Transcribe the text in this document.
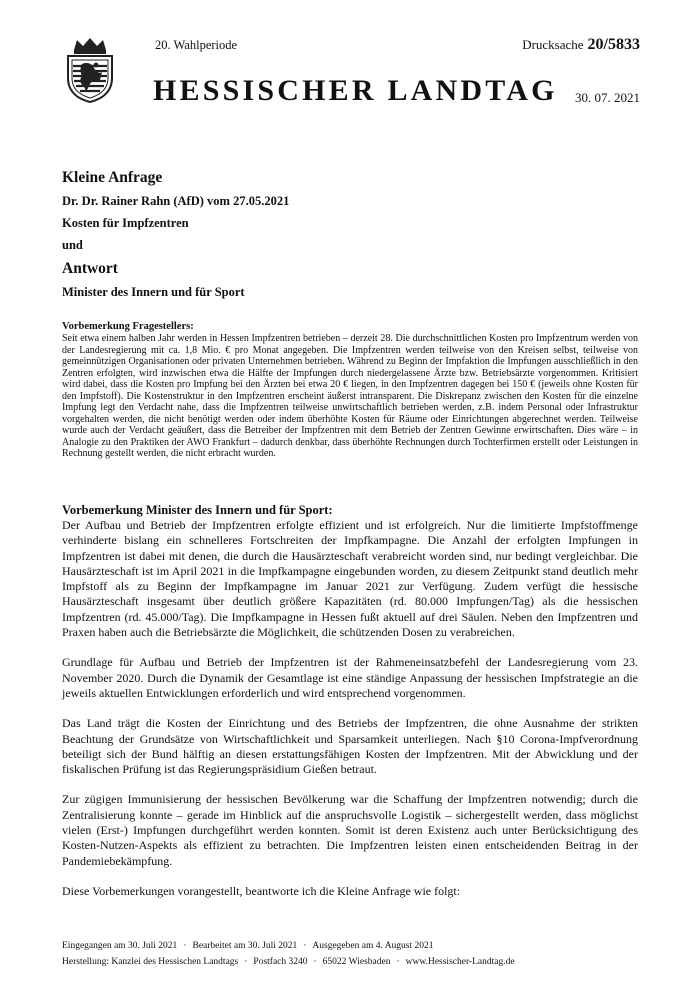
20. Wahlperiode	Drucksache 20/5833
HESSISCHER LANDTAG 30. 07. 2021
Kleine Anfrage
Dr. Dr. Rainer Rahn (AfD) vom 27.05.2021
Kosten für Impfzentren
und
Antwort
Minister des Innern und für Sport
Vorbemerkung Fragestellers:
Seit etwa einem halben Jahr werden in Hessen Impfzentren betrieben – derzeit 28. Die durchschnittlichen Kosten pro Impfzentrum werden von der Landesregierung mit ca. 1,8 Mio. € pro Monat angegeben. Die Impfzentren werden teilweise von den Kreisen selbst, teilweise von gemeinnützigen Organisationen oder privaten Unternehmen betrieben. Während zu Beginn der Impfaktion die Impfungen ausschließlich in den Zentren erfolgten, wird inzwischen etwa die Hälfte der Impfungen durch niedergelassene Ärzte bzw. Betriebsärzte vorgenommen. Kritisiert wird dabei, dass die Kosten pro Impfung bei den Ärzten bei etwa 20 € liegen, in den Impfzentren dagegen bei 150 € (jeweils ohne Kosten für den Impfstoff). Die Kostenstruktur in den Impfzentren erscheint äußerst intransparent. Die Diskrepanz zwischen den Kosten für die einzelne Impfung legt den Verdacht nahe, dass die Impfzentren teilweise unwirtschaftlich betrieben werden, z.B. indem Personal oder Infrastruktur vorgehalten werden, die nicht benötigt werden oder indem überhöhte Kosten für Räume oder Einrichtungen abgerechnet werden. Teilweise wurde auch der Verdacht geäußert, dass die Betreiber der Impfzentren mit dem Betrieb der Zentren Gewinne erwirtschaften. Dies wäre – in Analogie zu den Praktiken der AWO Frankfurt – dadurch denkbar, dass überhöhte Rechnungen durch Tochterfirmen erstellt oder Leistungen in Rechnung gestellt werden, die nicht erbracht wurden.
Vorbemerkung Minister des Innern und für Sport:

Der Aufbau und Betrieb der Impfzentren erfolgte effizient und ist erfolgreich. Nur die limitierte Impfstoffmenge verhinderte bislang ein schnelleres Fortschreiten der Impfkampagne. Die Anzahl der erfolgten Impfungen in Impfzentren ist dabei mit denen, die durch die Hausärzteschaft verabreicht worden sind, nur bedingt vergleichbar. Die Hausärzteschaft ist im April 2021 in die Impfkampagne eingebunden worden, zu diesem Zeitpunkt stand deutlich mehr Impfstoff als zu Beginn der Impfkampagne im Januar 2021 zur Verfügung. Zudem verfügt die hessische Hausärzteschaft insgesamt über deutlich größere Kapazitäten (rd. 80.000 Impfungen/Tag) als die hessischen Impfzentren (rd. 45.000/Tag). Die Impfkampagne in Hessen fußt aktuell auf drei Säulen. Neben den Impfzentren und Praxen haben auch die Betriebsärzte die Möglichkeit, die schützenden Dosen zu verabreichen.

Grundlage für Aufbau und Betrieb der Impfzentren ist der Rahmeneinsatzbefehl der Landesregierung vom 23. November 2020. Durch die Dynamik der Gesamtlage ist eine ständige Anpassung der hessischen Impfstrategie an die jeweils aktuellen Entwicklungen erforderlich und wird entsprechend vorgenommen.

Das Land trägt die Kosten der Einrichtung und des Betriebs der Impfzentren, die ohne Ausnahme der strikten Beachtung der Grundsätze von Wirtschaftlichkeit und Sparsamkeit unterliegen. Nach §10 Corona-Impfverordnung beteiligt sich der Bund hälftig an diesen erstattungsfähigen Kosten der Impfzentren. Mit der Abwicklung und der fiskalischen Prüfung ist das Regierungspräsidium Gießen betraut.

Zur zügigen Immunisierung der hessischen Bevölkerung war die Schaffung der Impfzentren notwendig; durch die Zentralisierung konnte – gerade im Hinblick auf die anspruchsvolle Logistik – sichergestellt werden, dass möglichst vielen (Erst-) Impfungen durchgeführt werden konnten. Somit ist deren Existenz auch unter Berücksichtigung des Kosten-Nutzen-Aspekts als effizient zu betrachten. Die Impfzentren leisten einen entscheidenden Beitrag in der Pandemiebekämpfung.

Diese Vorbemerkungen vorangestellt, beantworte ich die Kleine Anfrage wie folgt:

Eingegangen am 30. Juli 2021 · Bearbeitet am 30. Juli 2021 · Ausgegeben am 4. August 2021
Herstellung: Kanzlei des Hessischen Landtags · Postfach 3240 · 65022 Wiesbaden · www.Hessischer-Landtag.de
